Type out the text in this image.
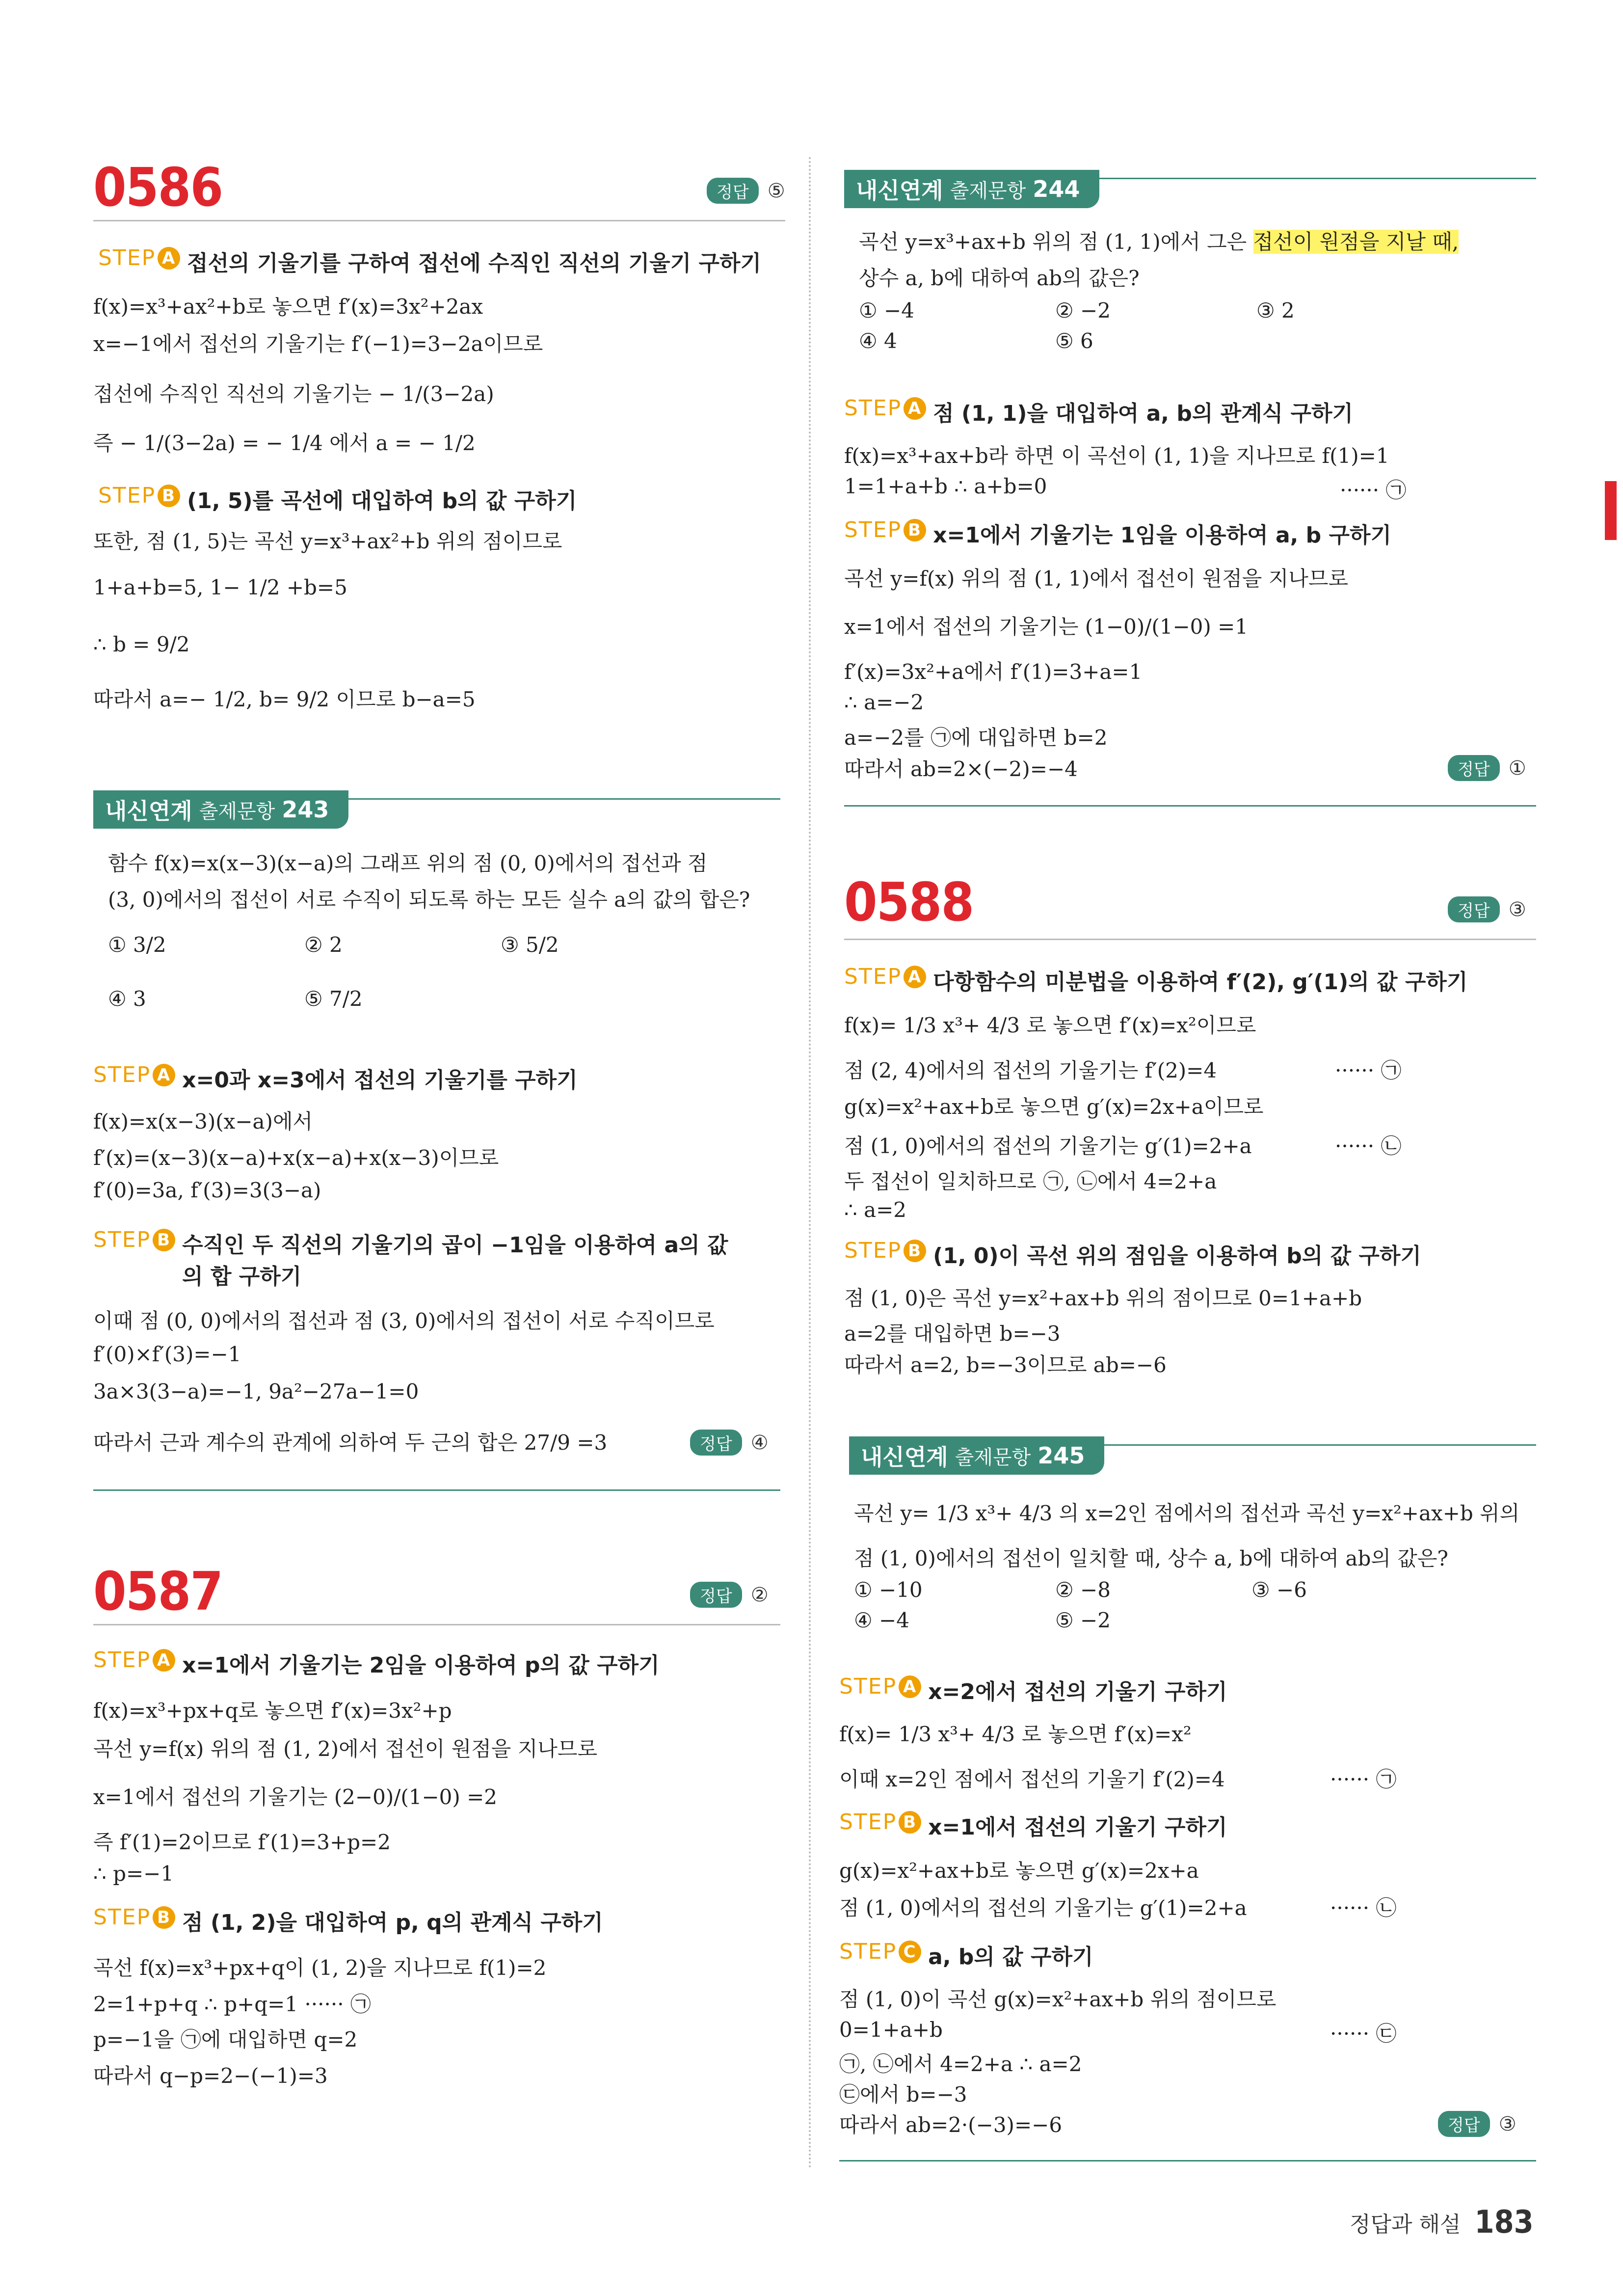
0586	정답 ⑤
STEP A 접선의 기울기를 구하여 접선에 수직인 직선의 기울기 구하기
f(x)=x³+ax²+b로 놓으면 f′(x)=3x²+2ax
x=−1에서 접선의 기울기는 f′(−1)=3−2a이므로
접선에 수직인 직선의 기울기는 − 1/(3−2a)
즉 − 1/(3−2a) = − 1/4 에서 a = − 1/2
STEP B (1, 5)를 곡선에 대입하여 b의 값 구하기
또한, 점 (1, 5)는 곡선 y=x³+ax²+b 위의 점이므로
1+a+b=5, 1− 1/2 +b=5
∴ b = 9/2
따라서 a=− 1/2, b= 9/2 이므로 b−a=5
내신연계 출제문항 243
함수 f(x)=x(x−3)(x−a)의 그래프 위의 점 (0, 0)에서의 접선과 점
(3, 0)에서의 접선이 서로 수직이 되도록 하는 모든 실수 a의 값의 합은?
① 3/2	② 2	③ 5/2
④ 3	⑤ 7/2
STEP A x=0과 x=3에서 접선의 기울기를 구하기
f(x)=x(x−3)(x−a)에서
f′(x)=(x−3)(x−a)+x(x−a)+x(x−3)이므로
f′(0)=3a, f′(3)=3(3−a)
STEP B 수직인 두 직선의 기울기의 곱이 −1임을 이용하여 a의 값의 합 구하기
이때 점 (0, 0)에서의 접선과 점 (3, 0)에서의 접선이 서로 수직이므로
f′(0)×f′(3)=−1
3a×3(3−a)=−1, 9a²−27a−1=0
따라서 근과 계수의 관계에 의하여 두 근의 합은 27/9 =3	정답 ④
0587	정답 ②
STEP A x=1에서 기울기는 2임을 이용하여 p의 값 구하기
f(x)=x³+px+q로 놓으면 f′(x)=3x²+p
곡선 y=f(x) 위의 점 (1, 2)에서 접선이 원점을 지나므로
x=1에서 접선의 기울기는 (2−0)/(1−0) =2
즉 f′(1)=2이므로 f′(1)=3+p=2
∴ p=−1
STEP B 점 (1, 2)을 대입하여 p, q의 관계식 구하기
곡선 f(x)=x³+px+q이 (1, 2)을 지나므로 f(1)=2
2=1+p+q ∴ p+q=1 ······ ㉠
p=−1을 ㉠에 대입하면 q=2
따라서 q−p=2−(−1)=3
내신연계 출제문항 244
곡선 y=x³+ax+b 위의 점 (1, 1)에서 그은 접선이 원점을 지날 때,
상수 a, b에 대하여 ab의 값은?
① −4	② −2	③ 2
④ 4	⑤ 6
STEP A 점 (1, 1)을 대입하여 a, b의 관계식 구하기
f(x)=x³+ax+b라 하면 이 곡선이 (1, 1)을 지나므로 f(1)=1
1=1+a+b ∴ a+b=0	······ ㉠
STEP B x=1에서 기울기는 1임을 이용하여 a, b 구하기
곡선 y=f(x) 위의 점 (1, 1)에서 접선이 원점을 지나므로
x=1에서 접선의 기울기는 (1−0)/(1−0) =1
f′(x)=3x²+a에서 f′(1)=3+a=1
∴ a=−2
a=−2를 ㉠에 대입하면 b=2
따라서 ab=2×(−2)=−4	정답 ①
0588	정답 ③
STEP A 다항함수의 미분법을 이용하여 f′(2), g′(1)의 값 구하기
f(x)= 1/3 x³+ 4/3 로 놓으면 f′(x)=x²이므로
점 (2, 4)에서의 접선의 기울기는 f′(2)=4	······ ㉠
g(x)=x²+ax+b로 놓으면 g′(x)=2x+a이므로
점 (1, 0)에서의 접선의 기울기는 g′(1)=2+a	······ ㉡
두 접선이 일치하므로 ㉠, ㉡에서 4=2+a
∴ a=2
STEP B (1, 0)이 곡선 위의 점임을 이용하여 b의 값 구하기
점 (1, 0)은 곡선 y=x²+ax+b 위의 점이므로 0=1+a+b
a=2를 대입하면 b=−3
따라서 a=2, b=−3이므로 ab=−6
내신연계 출제문항 245
곡선 y= 1/3 x³+ 4/3 의 x=2인 점에서의 접선과 곡선 y=x²+ax+b 위의
점 (1, 0)에서의 접선이 일치할 때, 상수 a, b에 대하여 ab의 값은?
① −10	② −8	③ −6
④ −4	⑤ −2
STEP A x=2에서 접선의 기울기 구하기
f(x)= 1/3 x³+ 4/3 로 놓으면 f′(x)=x²
이때 x=2인 점에서 접선의 기울기 f′(2)=4	······ ㉠
STEP B x=1에서 접선의 기울기 구하기
g(x)=x²+ax+b로 놓으면 g′(x)=2x+a
점 (1, 0)에서의 접선의 기울기는 g′(1)=2+a	······ ㉡
STEP C a, b의 값 구하기
점 (1, 0)이 곡선 g(x)=x²+ax+b 위의 점이므로
0=1+a+b	······ ㉢
㉠, ㉡에서 4=2+a ∴ a=2
㉢에서 b=−3
따라서 ab=2·(−3)=−6	정답 ③
정답과 해설 183
